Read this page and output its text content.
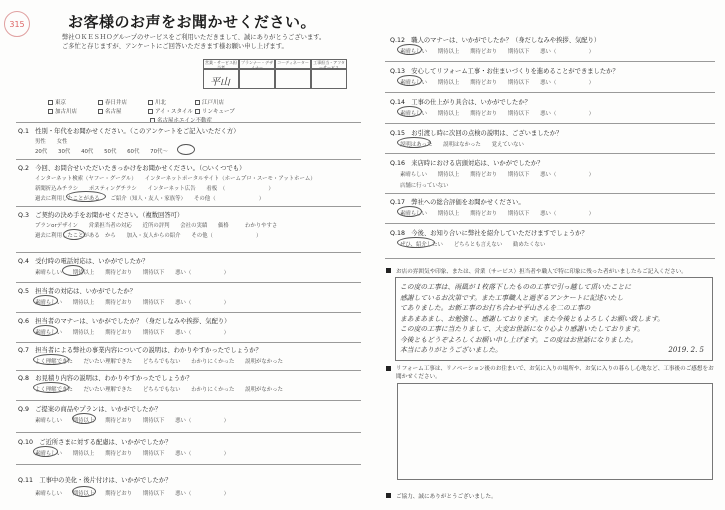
315	お客様のお声をお聞かせください。
弊社ＯＫＥＳＨＯグループのサービスをご利用いただきまして、誠にありがとうございます。
ご多忙と存じますが、アンケートにご回答いただきます様お願い申し上げます。
営業・サービス担当者
プランナー・デザイナー
コーディネーター	工事担当・アフターサービス
平山
東京	春日井店	川北	江戸川店
加古川店	名古屋	アイ・スタイル	リンキューブ
名古屋ホエイン不動産
Q.1　性別・年代をお聞かせください。（このアンケートをご記入いただく方）
男性　　女性
20代　　30代　　40代　　50代　　60代　　70代〜
Q.2　今回、お問合せいただいたきっかけをお聞かせください。（○いくつでも）
インターネット検索（ヤフー・グーグル）　　インターネットポータルサイト（ホームプロ・スーモ・アットホーム）
新聞折込みチラシ　　ポスティングチラシ　　インターネット広告　　看板　（　　　　　　　　）
過去に利用したことがある　　ご紹介（知人・友人・家族等）　　その他（　　　　　　　　）
Q.3　ご契約の決め手をお聞かせください。（複数回答可）
プランorデザイン　　営業担当者の対応　　近所の評判　　会社の実績　　価格　　　わかりやすさ
過去に利用したことがある　から　　加入・友人からの紹介　　その他（　　　　　　　　）
Q.4　受付時の電話対応は、いかがでしたか？
素晴らしい　　期待以上　　期待どおり　　期待以下　　悪い（　　　　　　）
Q.5　担当者の対応は、いかがでしたか？
素晴らしい　　期待以上　　期待どおり　　期待以下　　悪い（　　　　　　）
Q.6　担当者のマナーは、いかがでしたか？（身だしなみや挨拶、気配り）
素晴らしい　　期待以上　　期待どおり　　期待以下　　悪い（　　　　　　）
Q.7　担当者による弊社の事業内容についての説明は、わかりやすかったでしょうか？
よく理解できた　　だいたい理解できた　　どちらでもない　　わかりにくかった　　説明がなかった
Q.8　お見積り内容の説明は、わかりやすかったでしょうか？
よく理解できた　　だいたい理解できた　　どちらでもない　　わかりにくかった　　説明がなかった
Q.9　ご提案の商品やプランは、いかがでしたか？
素晴らしい　　期待以上　　期待どおり　　期待以下　　悪い（　　　　　　）
Q.10　ご近所さまに対する配慮は、いかがでしたか？
素晴らしい　　期待以上　　期待どおり　　期待以下　　悪い（　　　　　　）
Q.11　工事中の美化・後片付けは、いかがでしたか？
素晴らしい　　期待以上　　期待どおり　　期待以下　　悪い（　　　　　　）
Q.12　職人のマナーは、いかがでしたか？（身だしなみや挨拶、気配り）
素晴らしい　　期待以上　　期待どおり　　期待以下　　悪い（　　　　　　）
Q.13　安心してリフォーム工事・お住まいづくりを進めることができましたか？
素晴らしい　　期待以上　　期待どおり　　期待以下　　悪い（　　　　　　）
Q.14　工事の仕上がり具合は、いかがでしたか？
素晴らしい　　期待以上　　期待どおり　　期待以下　　悪い（　　　　　　）
Q.15　お引渡し時に次回の点検の説明は、ございましたか？
説明はあった　　説明はなかった　　覚えていない
Q.16　来店時における店頭対応は、いかがでしたか？
素晴らしい　　期待以上　　期待どおり　　期待以下　　悪い（　　　　　　）
店舗に行っていない
Q.17　弊社への総合評価をお聞かせください。
素晴らしい　　期待以上　　期待どおり　　期待以下　　悪い（　　　　　　）
Q.18　今後、お知り合いに弊社を紹介していただけますでしょうか？
ぜひ、紹介したい　　どちらとも言えない　　勧めたくない
お店の雰囲気や印象、または、営業（サービス）担当者や職人で特に印象に残った者がいましたらご記入ください。
この度の工事は、雨風が１枚落下したものの工事で引っ越して頂いたことに
感謝しているお次第です。また工事職人と過ぎるアンケートに記述いたし
てありました。お新工事のお打ち合わせ平山さんを二の工事の
まあまあまし、お勉強し、感謝しております。また今後ともよろしくお願い致します。
この度の工事に当たりまして、大変お世話になり心より感謝いたしております。
今後ともどうぞよろしくお願い申し上げます。この度はお世話になりました。
本当にありがとうございました。	2019. 2. 5
リフォーム工事は、リノベーション後のお住まいで、お気に入りの場所や、お気に入りの暮らし心地など、工事後のご感想をお聞かせください。
ご協力、誠にありがとうございました。
